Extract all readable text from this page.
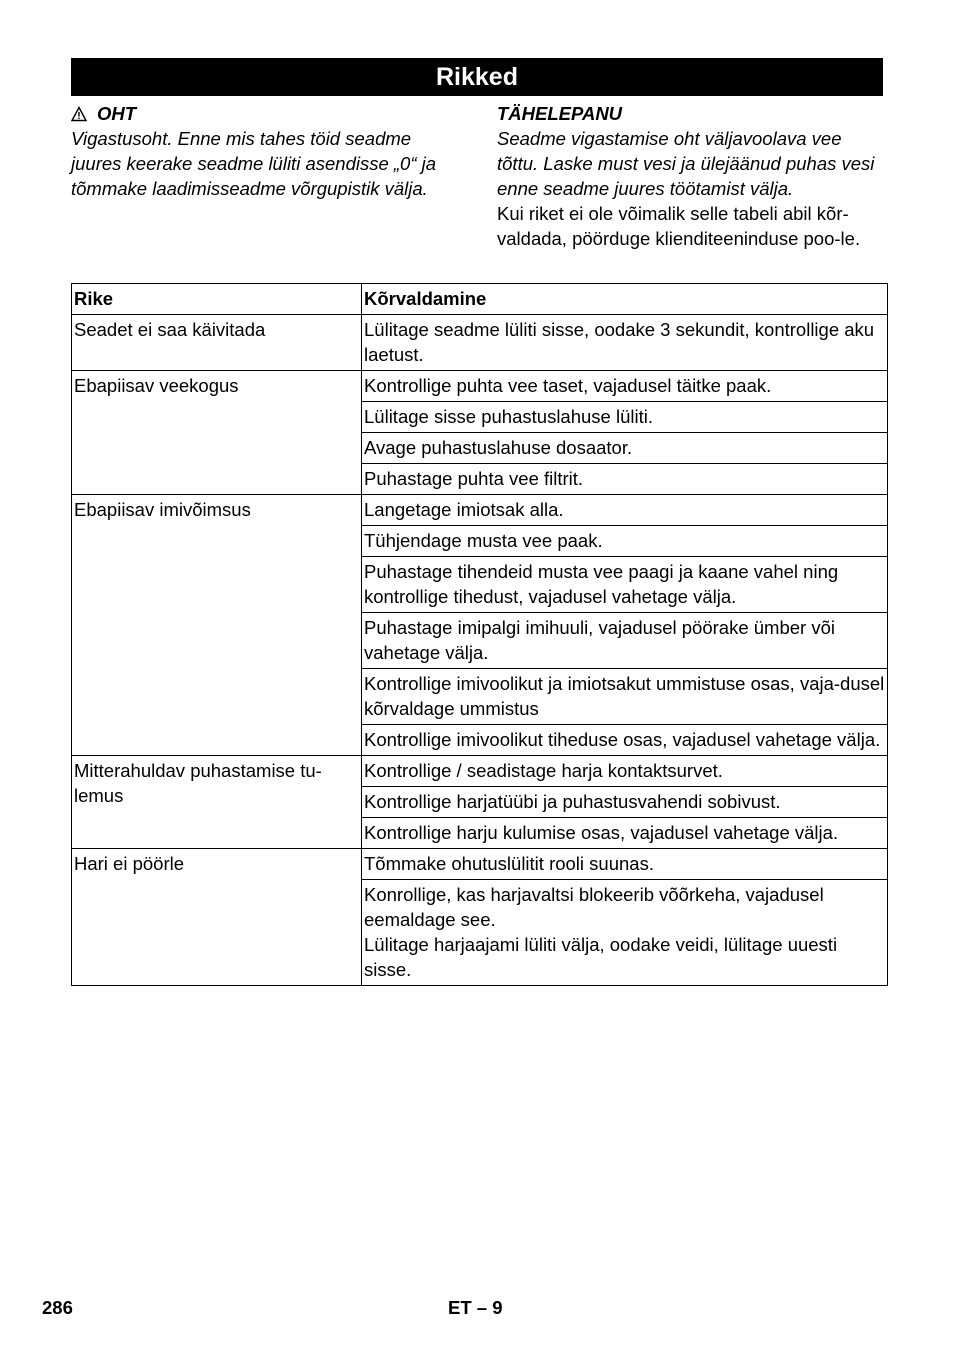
Rikked
OHT
Vigastusoht. Enne mis tahes töid seadme juures keerake seadme lüliti asendisse „0“ ja tõmmake laadimisseadme võrgupistik välja.
TÄHELEPANU
Seadme vigastamise oht väljavoolava vee tõttu. Laske must vesi ja ülejäänud puhas vesi enne seadme juures töötamist välja.
Kui riket ei ole võimalik selle tabeli abil kõr-valdada, pöörduge klienditeeninduse poo-le.
Rike	Kõrvaldamine
Seadet ei saa käivitada	Lülitage seadme lüliti sisse, oodake 3 sekundit, kontrollige aku laetust.
Ebapiisav veekogus	Kontrollige puhta vee taset, vajadusel täitke paak.
	Lülitage sisse puhastuslahuse lüliti.
	Avage puhastuslahuse dosaator.
	Puhastage puhta vee filtrit.
Ebapiisav imivõimsus	Langetage imiotsak alla.
	Tühjendage musta vee paak.
	Puhastage tihendeid musta vee paagi ja kaane vahel ning kontrollige tihedust, vajadusel vahetage välja.
	Puhastage imipalgi imihuuli, vajadusel pöörake ümber või vahetage välja.
	Kontrollige imivoolikut ja imiotsakut ummistuse osas, vaja-dusel kõrvaldage ummistus
	Kontrollige imivoolikut tiheduse osas, vajadusel vahetage välja.
Mitterahuldav puhastamise tu-lemus	Kontrollige / seadistage harja kontaktsurvet.
	Kontrollige harjatüübi ja puhastusvahendi sobivust.
	Kontrollige harju kulumise osas, vajadusel vahetage välja.
Hari ei pöörle	Tõmmake ohutuslülitit rooli suunas.
	Konrollige, kas harjavaltsi blokeerib võõrkeha, vajadusel eemaldage see.
Lülitage harjaajami lüliti välja, oodake veidi, lülitage uuesti sisse.
286	ET – 9
